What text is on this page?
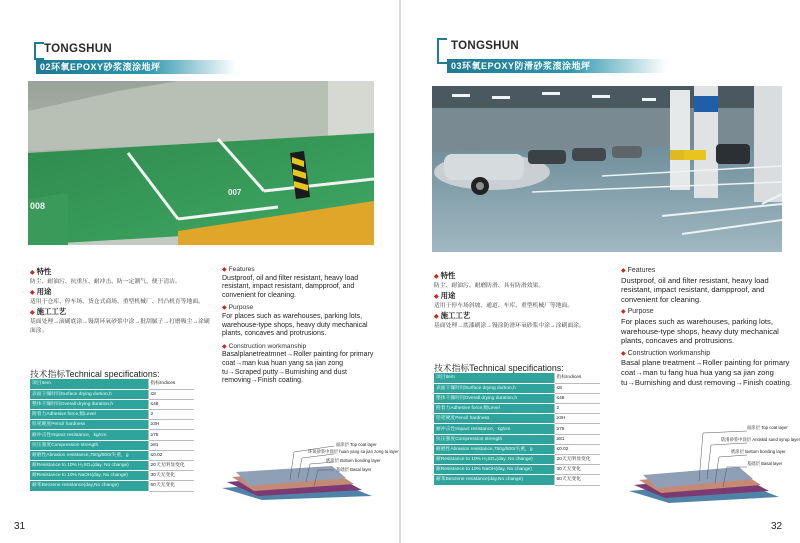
TONGSHUN
02环氧EPOXY砂浆滚涂地坪
008
007
◆ 特性
防尘、耐油污、抗重压、耐冲击、防一定潮气、便于清洁。
◆ 用途
适用于仓库、停车场、货仓式商场、重型机械厂、凹凸机育等地面。
◆ 施工工艺
基面处理→滚刷底涂→镘刮环氧砂浆中涂→批刮腻子→打磨吸尘→涂刷面涂。
◆ Features
Dustproof, oil and filter resistant, heavy load resistant, impact resistant, dampproof, and convenient for cleaning.
◆ Purpose
For places such as warehouses, parking lots, warehouse-type shops, heavy duty mechanical plants, concaves and protrusions.
◆ Construction workmanship
Basalplanetreatmnet→Roller painting for primary coat→man kua huan yang sa jian zong tu→Scraped putty→Burnishing and dust removing→Finish coating.
技术指标Technical specifications:
项目Item	指标Indices
表面干燥时间Surface drying durtion,h	≤8
整体干燥时间Overall drying duration,h	≤48
附着力Adhesive force,级Level	2
铅笔硬度Pencil hardness	≥3H
耐冲击性Impact resistance，kg/cm	≥75
抗压强度Compression strength	≥81
耐磨性Abrasion resistance,750g/500r失重，g	≤0.02
耐Resistance to 10% H₂SO₄(day, No change)	20天无明显变化
耐Resistance to 10% NaOH(day, No change)	30天无变化
耐苯Benzene resistance(day,No change)	60天无变化
面涂层 Top coat layer
环氧砂浆中涂层 huan yang sa jian zong tu layer
底涂层 Bottom bonding layer
基础层 Basal layer
31
TONGSHUN
03环氧EPOXY防滑砂浆滚涂地坪
◆ 特性
防尘、耐油污、耐磨防滑、具有防滑效果。
◆ 用途
适用于停车场斜坡、通道、车库、重型机械厂等地面。
◆ 施工工艺
基面处理→底漆刷涂→镘涂防滑环氧砂浆中涂→涂刷面涂。
◆ Features
Dustproof, oil and filter resistant, heavy load resistant, impact resistant, dampproof, and convenient for cleaning.
◆ Purpose
For places such as warehouses, parking lots, warehouse-type shops, heavy duty mechanical plants, concaves and protrusions.
◆ Construction workmanship
Basal plane treatment→Roller painting for primary coat→man tu fang hua hua yang sa jian zong tu→Burnishing and dust removing→Finish coating.
技术指标Technical specifications:
项目Item	指标Indices
表面干燥时间Surface drying durtion,h	≤8
整体干燥时间Overall drying duration,h	≤48
附着力Adhesive force,级Level	2
铅笔硬度Pencil hardness	≥3H
耐冲击性Impact resistance，kg/cm	≥75
抗压强度Compression strength	≥81
耐磨性Abrasion resistance,750g/500r失重，g	≤0.02
耐Resistance to 10% H₂SO₄(day, No change)	20天无明显变化
耐Resistance to 10% NaOH(day, No change)	30天无变化
耐苯Benzene resistance(day,No change)	60天无变化
面涂层 Top coat layer
防滑砂浆中涂层 Antiskid sand syrup layer
底涂层 Bottom bonding layer
基础层 Basal layer
32
